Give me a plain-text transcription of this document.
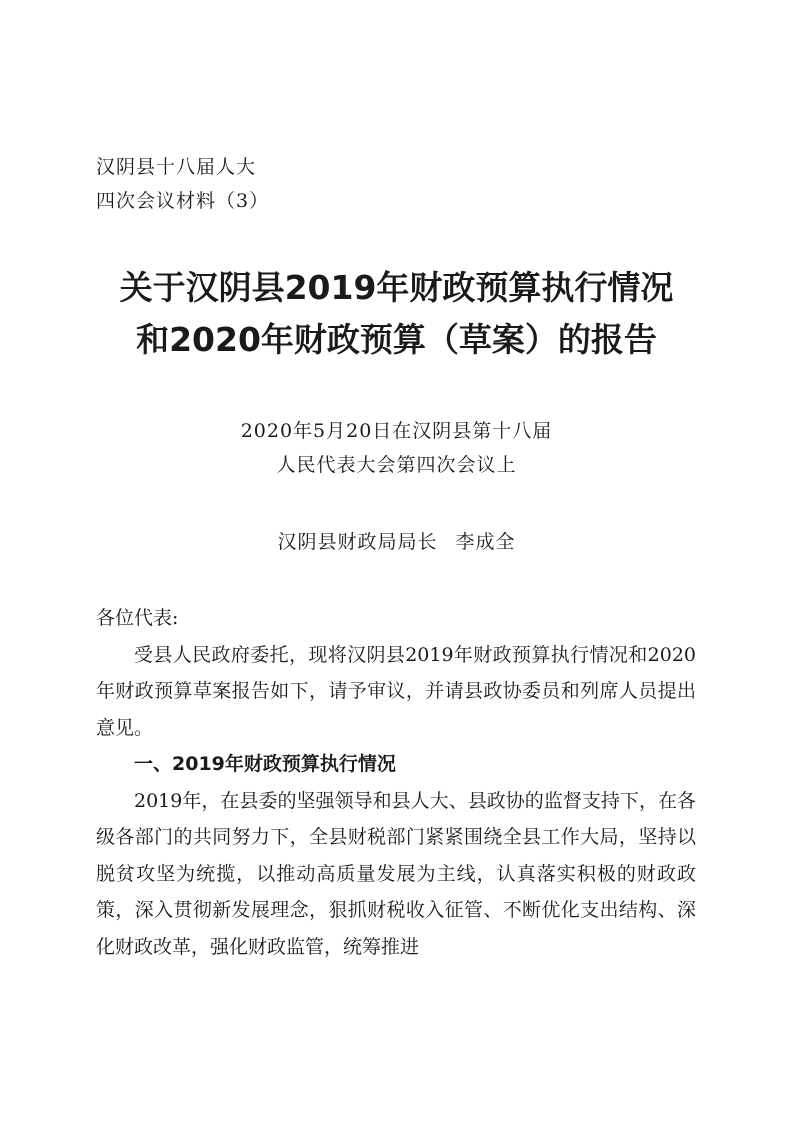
汉阴县十八届人大
四次会议材料（3）
关于汉阴县2019年财政预算执行情况
和2020年财政预算（草案）的报告
2020年5月20日在汉阴县第十八届
人民代表大会第四次会议上
汉阴县财政局局长 李成全

各位代表:

受县人民政府委托，现将汉阴县2019年财政预算执行情况和2020年财政预算草案报告如下，请予审议，并请县政协委员和列席人员提出意见。

一、2019年财政预算执行情况

2019年，在县委的坚强领导和县人大、县政协的监督支持下，在各级各部门的共同努力下，全县财税部门紧紧围绕全县工作大局，坚持以脱贫攻坚为统揽，以推动高质量发展为主线，认真落实积极的财政政策，深入贯彻新发展理念，狠抓财税收入征管、不断优化支出结构、深化财政改革，强化财政监管，统筹推进
